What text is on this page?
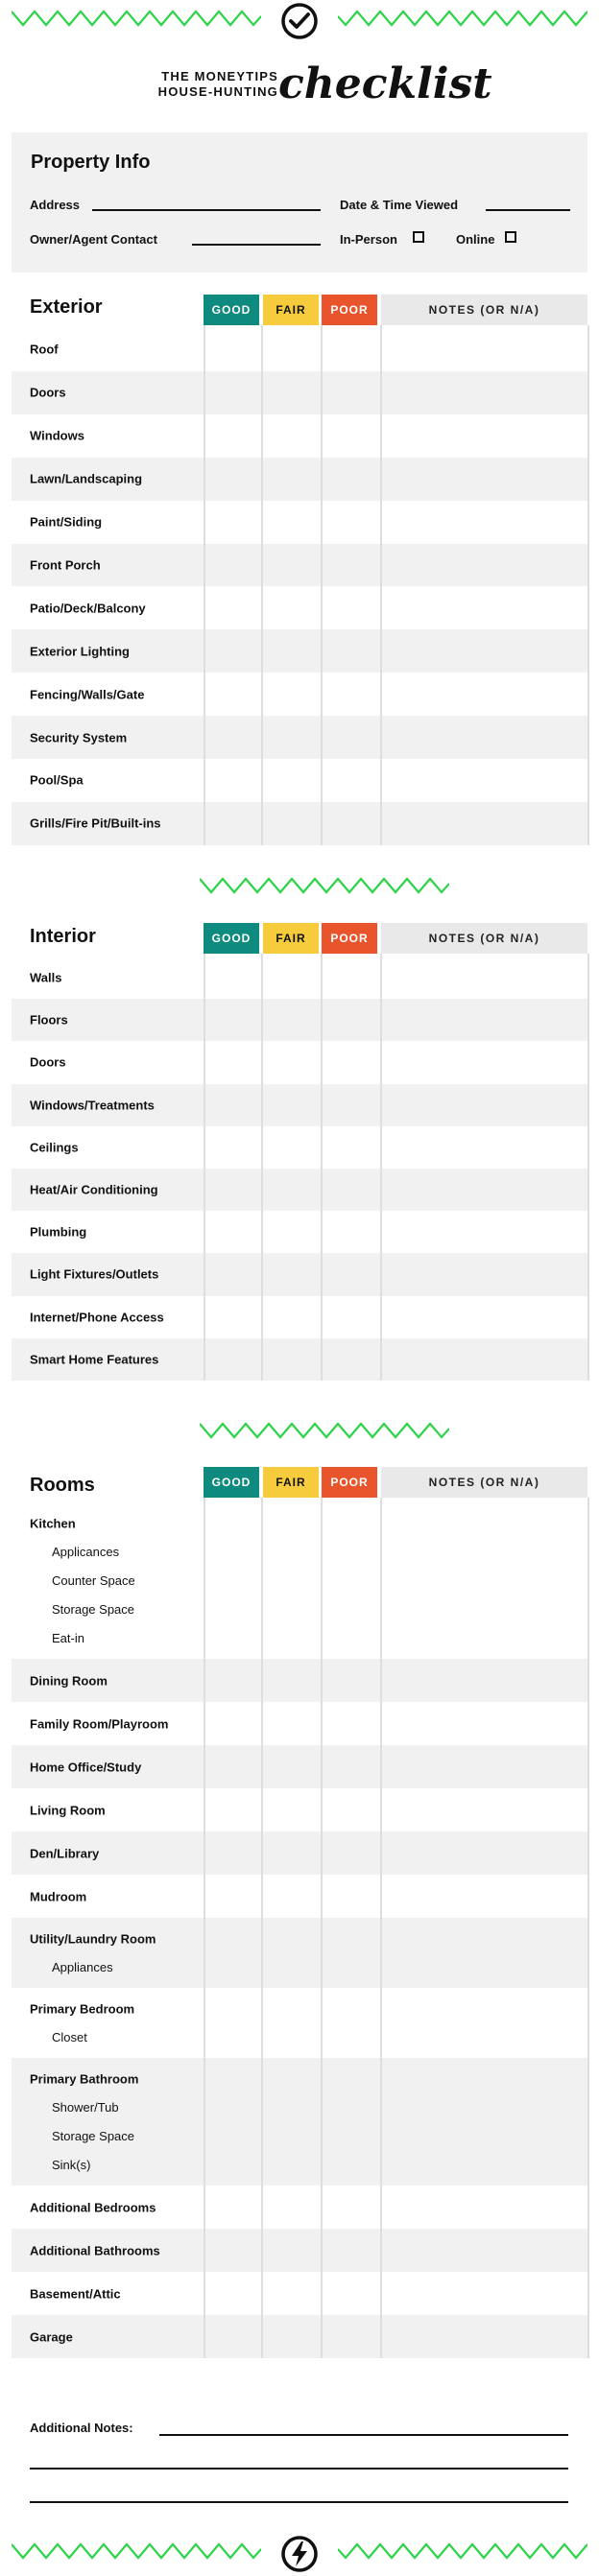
THE MONEYTIPS
HOUSE-HUNTING checklist
Property Info
Address	Date & Time Viewed
Owner/Agent Contact	In-Person	Online
Exterior	GOOD	FAIR	POOR	NOTES (OR N/A)
Roof
Doors
Windows
Lawn/Landscaping
Paint/Siding
Front Porch
Patio/Deck/Balcony
Exterior Lighting
Fencing/Walls/Gate
Security System
Pool/Spa
Grills/Fire Pit/Built-ins
Interior	GOOD	FAIR	POOR	NOTES (OR N/A)
Walls
Floors
Doors
Windows/Treatments
Ceilings
Heat/Air Conditioning
Plumbing
Light Fixtures/Outlets
Internet/Phone Access
Smart Home Features
Rooms	GOOD	FAIR	POOR	NOTES (OR N/A)
Kitchen
Applicances
Counter Space
Storage Space
Eat-in
Dining Room
Family Room/Playroom
Home Office/Study
Living Room
Den/Library
Mudroom
Utility/Laundry Room
Appliances
Primary Bedroom
Closet
Primary Bathroom
Shower/Tub
Storage Space
Sink(s)
Additional Bedrooms
Additional Bathrooms
Basement/Attic
Garage
Additional Notes:
